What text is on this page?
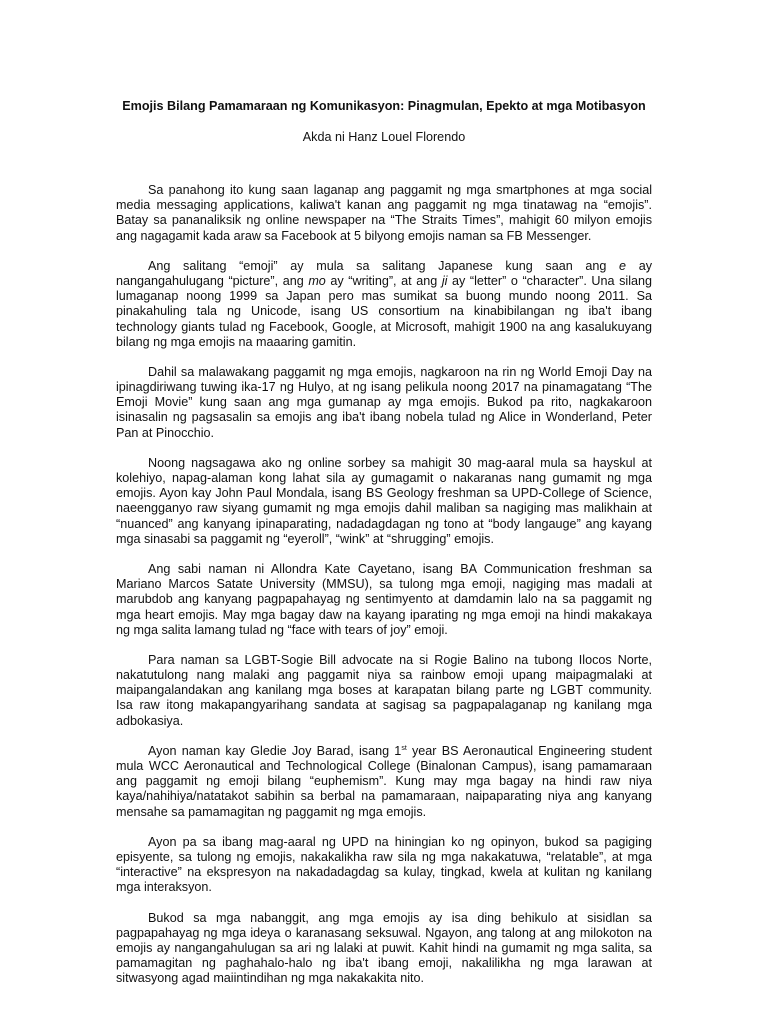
Emojis Bilang Pamamaraan ng Komunikasyon: Pinagmulan, Epekto at mga Motibasyon
Akda ni Hanz Louel Florendo
Sa panahong ito kung saan laganap ang paggamit ng mga smartphones at mga social
media messaging applications, kaliwa't kanan ang paggamit ng mga tinatawag na “emojis”.
Batay sa pananaliksik ng online newspaper na “The Straits Times”, mahigit 60 milyon emojis
ang nagagamit kada araw sa Facebook at 5 bilyong emojis naman sa FB Messenger.
Ang salitang “emoji” ay mula sa salitang Japanese kung saan ang e ay
nangangahulugang “picture”, ang mo ay “writing”, at ang ji ay “letter” o “character”. Una silang
lumaganap noong 1999 sa Japan pero mas sumikat sa buong mundo noong 2011. Sa
pinakahuling tala ng Unicode, isang US consortium na kinabibilangan ng iba't ibang
technology giants tulad ng Facebook, Google, at Microsoft, mahigit 1900 na ang kasalukuyang
bilang ng mga emojis na maaaring gamitin.
Dahil sa malawakang paggamit ng mga emojis, nagkaroon na rin ng World Emoji Day na
ipinagdiriwang tuwing ika-17 ng Hulyo, at ng isang pelikula noong 2017 na pinamagatang “The
Emoji Movie” kung saan ang mga gumanap ay mga emojis. Bukod pa rito, nagkakaroon
isinasalin ng pagsasalin sa emojis ang iba't ibang nobela tulad ng Alice in Wonderland, Peter
Pan at Pinocchio.
Noong nagsagawa ako ng online sorbey sa mahigit 30 mag-aaral mula sa hayskul at
kolehiyo, napag-alaman kong lahat sila ay gumagamit o nakaranas nang gumamit ng mga
emojis. Ayon kay John Paul Mondala, isang BS Geology freshman sa UPD-College of Science,
naeengganyo raw siyang gumamit ng mga emojis dahil maliban sa nagiging mas malikhain at
“nuanced” ang kanyang ipinaparating, nadadagdagan ng tono at “body langauge” ang kayang
mga sinasabi sa paggamit ng “eyeroll”, “wink” at “shrugging” emojis.
Ang sabi naman ni Allondra Kate Cayetano, isang BA Communication freshman sa
Mariano Marcos Satate University (MMSU), sa tulong mga emoji, nagiging mas madali at
marubdob ang kanyang pagpapahayag ng sentimyento at damdamin lalo na sa paggamit ng
mga heart emojis. May mga bagay daw na kayang iparating ng mga emoji na hindi makakaya
ng mga salita lamang tulad ng “face with tears of joy” emoji.
Para naman sa LGBT-Sogie Bill advocate na si Rogie Balino na tubong Ilocos Norte,
nakatutulong nang malaki ang paggamit niya sa rainbow emoji upang maipagmalaki at
maipangalandakan ang kanilang mga boses at karapatan bilang parte ng LGBT community.
Isa raw itong makapangyarihang sandata at sagisag sa pagpapalaganap ng kanilang mga
adbokasiya.
Ayon naman kay Gledie Joy Barad, isang 1st year BS Aeronautical Engineering student
mula WCC Aeronautical and Technological College (Binalonan Campus), isang pamamaraan
ang paggamit ng emoji bilang “euphemism”. Kung may mga bagay na hindi raw niya
kaya/nahihiya/natatakot sabihin sa berbal na pamamaraan, naipaparating niya ang kanyang
mensahe sa pamamagitan ng paggamit ng mga emojis.
Ayon pa sa ibang mag-aaral ng UPD na hiningian ko ng opinyon, bukod sa pagiging
episyente, sa tulong ng emojis, nakakalikha raw sila ng mga nakakatuwa, “relatable”, at mga
“interactive” na ekspresyon na nakadadagdag sa kulay, tingkad, kwela at kulitan ng kanilang
mga interaksyon.
Bukod sa mga nabanggit, ang mga emojis ay isa ding behikulo at sisidlan sa
pagpapahayag ng mga ideya o karanasang seksuwal. Ngayon, ang talong at ang milokoton na
emojis ay nangangahulugan sa ari ng lalaki at puwit. Kahit hindi na gumamit ng mga salita, sa
pamamagitan ng paghahalo-halo ng iba't ibang emoji, nakalilikha ng mga larawan at
sitwasyong agad maiintindihan ng mga nakakakita nito.
